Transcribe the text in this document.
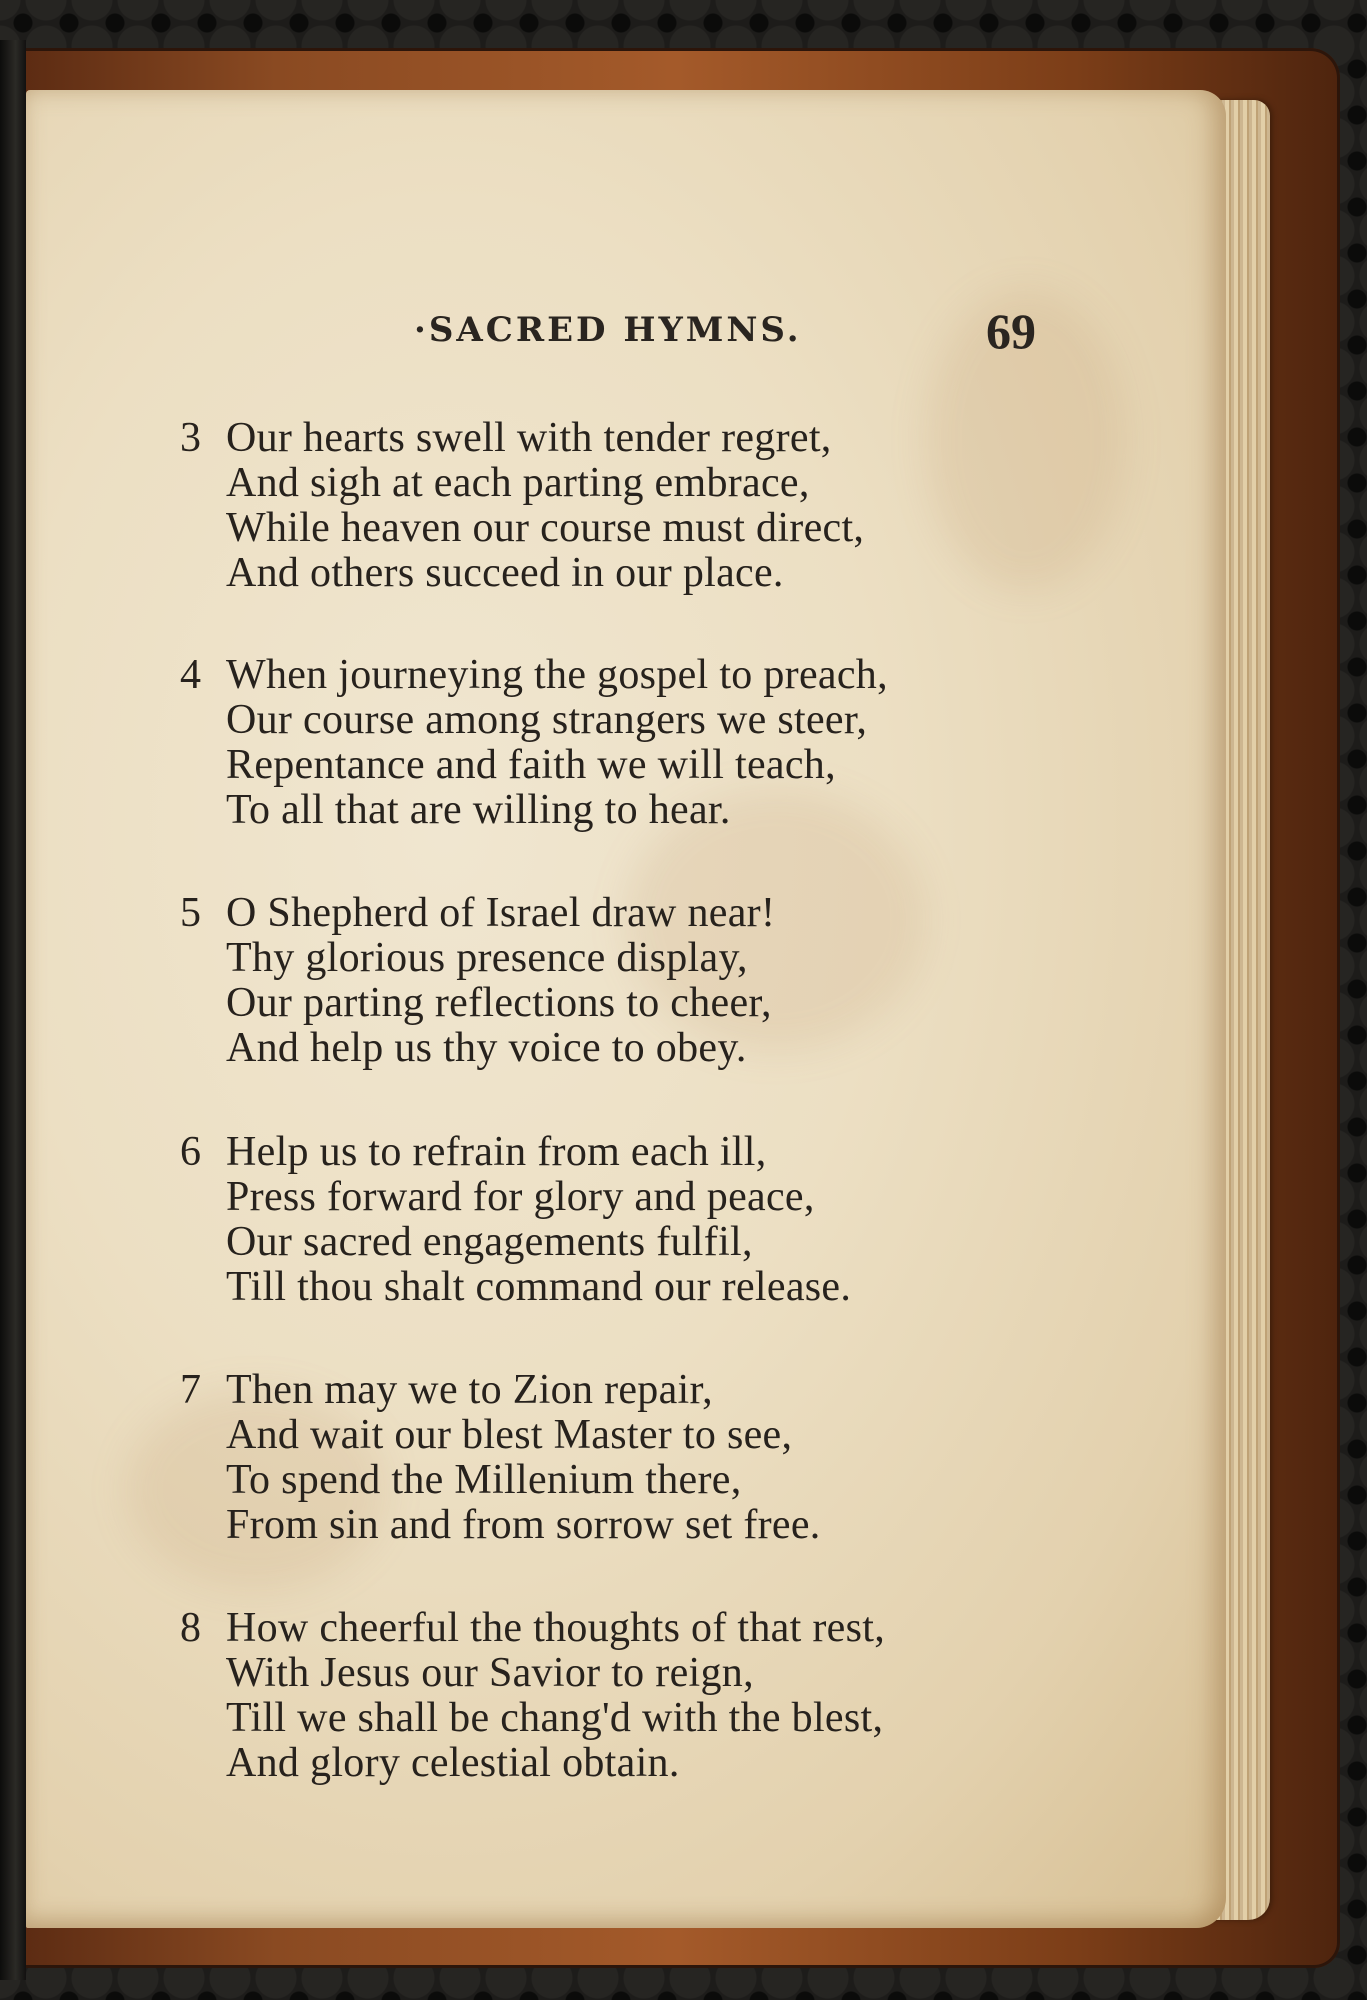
·SACRED HYMNS.	69
3 Our hearts swell with tender regret,
And sigh at each parting embrace,
While heaven our course must direct,
And others succeed in our place.
4 When journeying the gospel to preach,
Our course among strangers we steer,
Repentance and faith we will teach,
To all that are willing to hear.
5 O Shepherd of Israel draw near!
Thy glorious presence display,
Our parting reflections to cheer,
And help us thy voice to obey.
6 Help us to refrain from each ill,
Press forward for glory and peace,
Our sacred engagements fulfil,
Till thou shalt command our release.
7 Then may we to Zion repair,
And wait our blest Master to see,
To spend the Millenium there,
From sin and from sorrow set free.
8 How cheerful the thoughts of that rest,
With Jesus our Savior to reign,
Till we shall be chang'd with the blest,
And glory celestial obtain.
